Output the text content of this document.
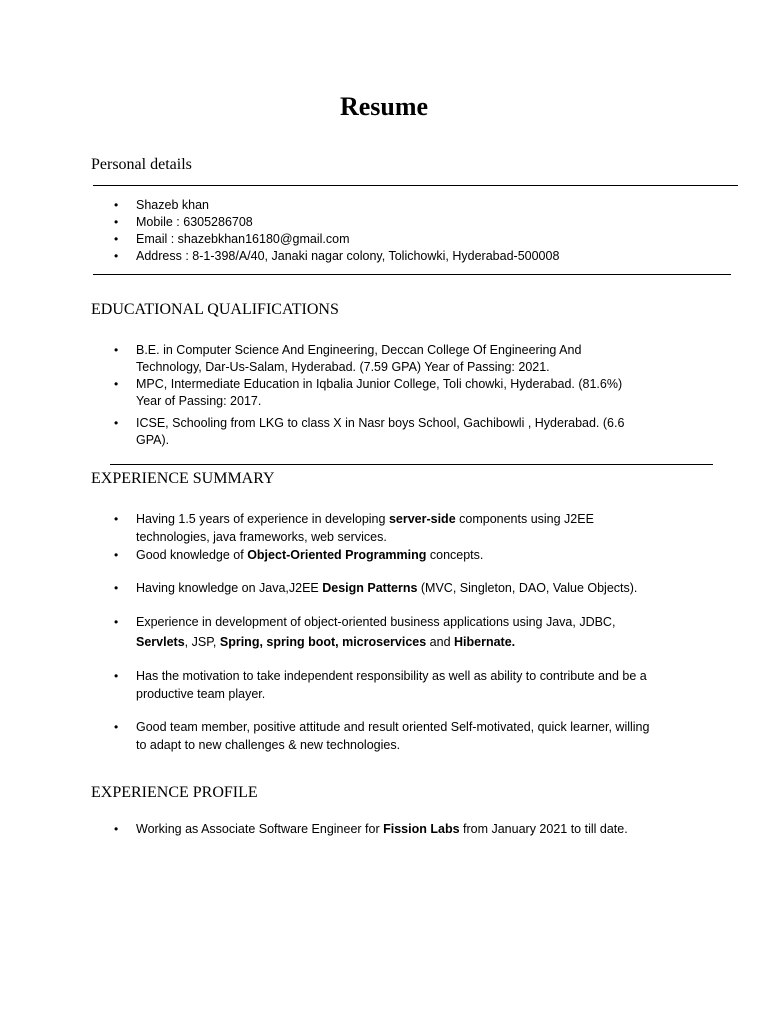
Resume
Personal details
• Shazeb khan
• Mobile : 6305286708
• Email : shazebkhan16180@gmail.com
• Address : 8-1-398/A/40, Janaki nagar colony, Tolichowki, Hyderabad-500008
EDUCATIONAL QUALIFICATIONS
• B.E. in Computer Science And Engineering, Deccan College Of Engineering And Technology, Dar-Us-Salam, Hyderabad. (7.59 GPA) Year of Passing: 2021.
• MPC, Intermediate Education in Iqbalia Junior College, Toli chowki, Hyderabad. (81.6%) Year of Passing: 2017.
• ICSE, Schooling from LKG to class X in Nasr boys School, Gachibowli , Hyderabad. (6.6 GPA).
EXPERIENCE SUMMARY
• Having 1.5 years of experience in developing server-side components using J2EE technologies, java frameworks, web services.
• Good knowledge of Object-Oriented Programming concepts.
• Having knowledge on Java,J2EE Design Patterns (MVC, Singleton, DAO, Value Objects).
• Experience in development of object-oriented business applications using Java, JDBC, Servlets, JSP, Spring, spring boot, microservices and Hibernate.
• Has the motivation to take independent responsibility as well as ability to contribute and be a productive team player.
• Good team member, positive attitude and result oriented Self-motivated, quick learner, willing to adapt to new challenges & new technologies.
EXPERIENCE PROFILE
• Working as Associate Software Engineer for Fission Labs from January 2021 to till date.
